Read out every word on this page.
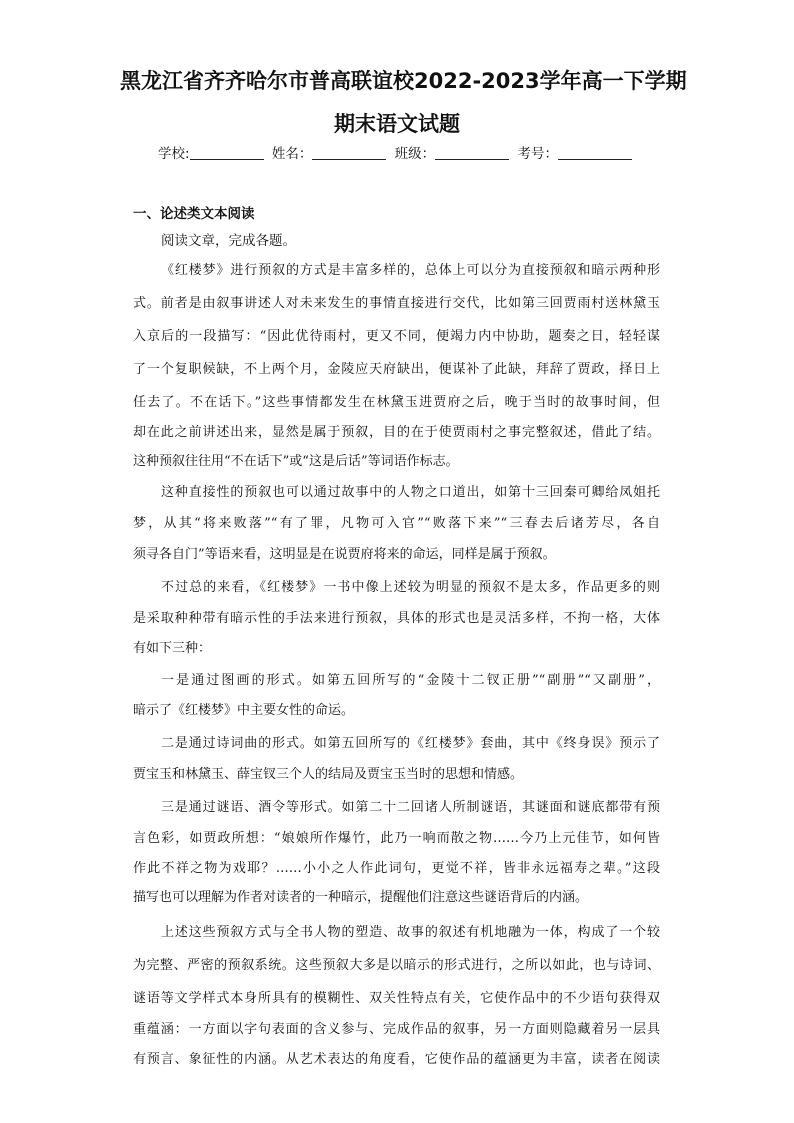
黑龙江省齐齐哈尔市普高联谊校2022-2023学年高一下学期
期末语文试题
学校:	姓名：	班级：	考号：
一、论述类文本阅读
阅读文章，完成各题。
《红楼梦》进行预叙的方式是丰富多样的，总体上可以分为直接预叙和暗示两种形
式。前者是由叙事讲述人对未来发生的事情直接进行交代，比如第三回贾雨村送林黛玉
入京后的一段描写：“因此优待雨村，更又不同，便竭力内中协助，题奏之日，轻轻谋
了一个复职候缺，不上两个月，金陵应天府缺出，便谋补了此缺，拜辞了贾政，择日上
任去了。不在话下。”这些事情都发生在林黛玉进贾府之后，晚于当时的故事时间，但
却在此之前讲述出来，显然是属于预叙，目的在于使贾雨村之事完整叙述，借此了结。
这种预叙往往用“不在话下”或“这是后话”等词语作标志。
这种直接性的预叙也可以通过故事中的人物之口道出，如第十三回秦可卿给凤姐托
梦，从其“将来败落”“有了罪，凡物可入官”“败落下来”“三春去后诸芳尽，各自
须寻各自门”等语来看，这明显是在说贾府将来的命运，同样是属于预叙。
不过总的来看，《红楼梦》一书中像上述较为明显的预叙不是太多，作品更多的则
是采取种种带有暗示性的手法来进行预叙，具体的形式也是灵活多样，不拘一格，大体
有如下三种：
一是通过图画的形式。如第五回所写的“金陵十二钗正册”“副册”“又副册”，
暗示了《红楼梦》中主要女性的命运。
二是通过诗词曲的形式。如第五回所写的《红楼梦》套曲，其中《终身误》预示了
贾宝玉和林黛玉、薛宝钗三个人的结局及贾宝玉当时的思想和情感。
三是通过谜语、酒令等形式。如第二十二回诸人所制谜语，其谜面和谜底都带有预
言色彩，如贾政所想：“娘娘所作爆竹，此乃一响而散之物……今乃上元佳节，如何皆
作此不祥之物为戏耶？……小小之人作此词句，更觉不祥，皆非永远福寿之辈。”这段
描写也可以理解为作者对读者的一种暗示，提醒他们注意这些谜语背后的内涵。
上述这些预叙方式与全书人物的塑造、故事的叙述有机地融为一体，构成了一个较
为完整、严密的预叙系统。这些预叙大多是以暗示的形式进行，之所以如此，也与诗词、
谜语等文学样式本身所具有的模糊性、双关性特点有关，它使作品中的不少语句获得双
重蕴涵：一方面以字句表面的含义参与、完成作品的叙事，另一方面则隐藏着另一层具
有预言、象征性的内涵。从艺术表达的角度看，它使作品的蕴涵更为丰富，读者在阅读
